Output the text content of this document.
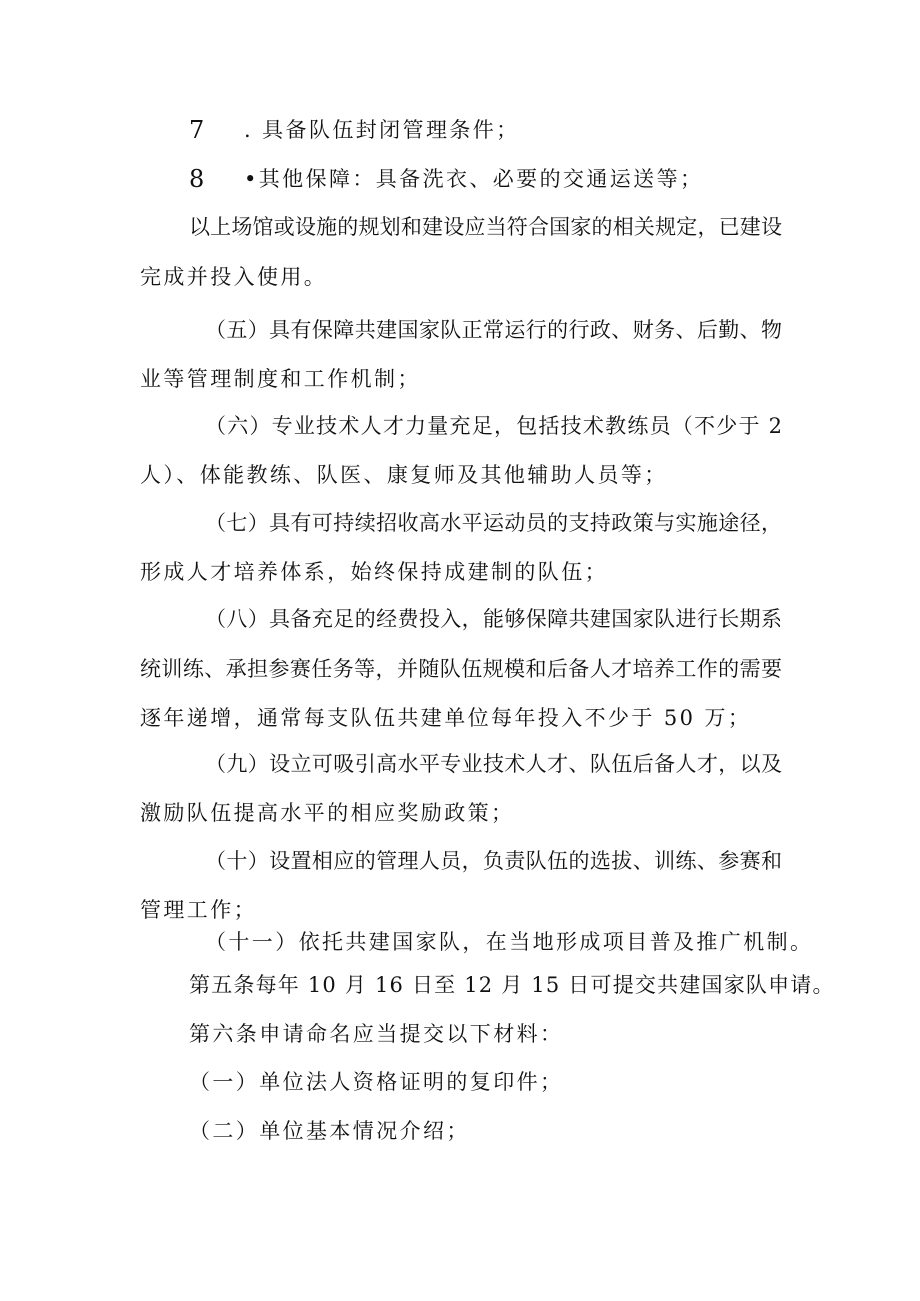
7 . 具备队伍封闭管理条件；
8 •其他保障：具备洗衣、必要的交通运送等；
以上场馆或设施的规划和建设应当符合国家的相关规定，已建设
完成并投入使用。
（五）具有保障共建国家队正常运行的行政、财务、后勤、物
业等管理制度和工作机制；
（六）专业技术人才力量充足，包括技术教练员（不少于 2
人）、体能教练、队医、康复师及其他辅助人员等；
（七）具有可持续招收高水平运动员的支持政策与实施途径，
形成人才培养体系，始终保持成建制的队伍；
（八）具备充足的经费投入，能够保障共建国家队进行长期系
统训练、承担参赛任务等，并随队伍规模和后备人才培养工作的需要
逐年递增，通常每支队伍共建单位每年投入不少于 50 万；
（九）设立可吸引高水平专业技术人才、队伍后备人才，以及
激励队伍提高水平的相应奖励政策；
（十）设置相应的管理人员，负责队伍的选拔、训练、参赛和
管理工作；
（十一）依托共建国家队，在当地形成项目普及推广机制。
第五条每年 10 月 16 日至 12 月 15 日可提交共建国家队申请。
第六条申请命名应当提交以下材料：
（一）单位法人资格证明的复印件；
（二）单位基本情况介绍；
